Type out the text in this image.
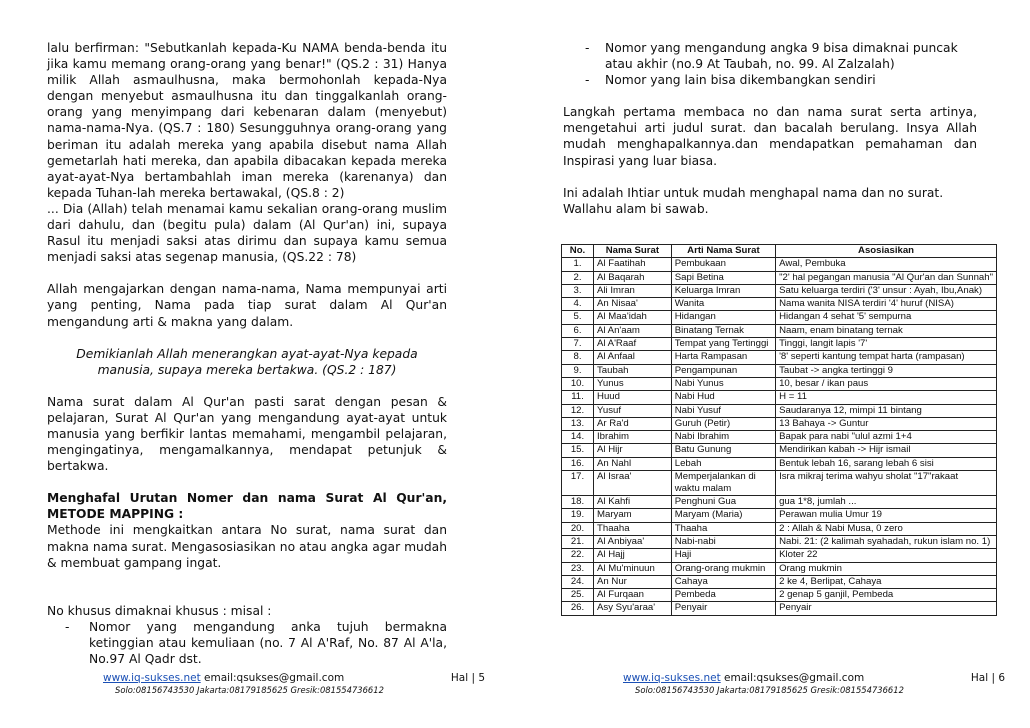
lalu berfirman: "Sebutkanlah kepada-Ku NAMA benda-benda itu jika kamu memang orang-orang yang benar!" (QS.2 : 31) Hanya milik Allah asmaulhusna, maka bermohonlah kepada-Nya dengan menyebut asmaulhusna itu dan tinggalkanlah orang-orang yang menyimpang dari kebenaran dalam (menyebut) nama-nama-Nya. (QS.7 : 180) Sesungguhnya orang-orang yang beriman itu adalah mereka yang apabila disebut nama Allah gemetarlah hati mereka, dan apabila dibacakan kepada mereka ayat-ayat-Nya bertambahlah iman mereka (karenanya) dan kepada Tuhan-lah mereka bertawakal, (QS.8 : 2)

... Dia (Allah) telah menamai kamu sekalian orang-orang muslim dari dahulu, dan (begitu pula) dalam (Al Qur'an) ini, supaya Rasul itu menjadi saksi atas dirimu dan supaya kamu semua menjadi saksi atas segenap manusia, (QS.22 : 78)

Allah mengajarkan dengan nama-nama, Nama mempunyai arti yang penting, Nama pada tiap surat dalam Al Qur'an mengandung arti & makna yang dalam.

Demikianlah Allah menerangkan ayat-ayat-Nya kepada manusia, supaya mereka bertakwa. (QS.2 : 187)

Nama surat dalam Al Qur'an pasti sarat dengan pesan & pelajaran, Surat Al Qur'an yang mengandung ayat-ayat untuk manusia yang berfikir lantas memahami, mengambil pelajaran, mengingatinya, mengamalkannya, mendapat petunjuk & bertakwa.

Menghafal Urutan Nomer dan nama Surat Al Qur'an, METODE MAPPING :

Methode ini mengkaitkan antara No surat, nama surat dan makna nama surat. Mengasosiasikan no atau angka agar mudah & membuat gampang ingat.

No khusus dimaknai khusus : misal :

- Nomor yang mengandung anka tujuh bermakna ketinggian atau kemuliaan (no. 7 Al A'Raf, No. 87 Al A'la, No.97 Al Qadr dst.
www.iq-sukses.net email:qsukses@gmail.com	Hal | 5
Solo:08156743530 Jakarta:08179185625 Gresik:081554736612
- Nomor yang mengandung angka 9 bisa dimaknai puncak atau akhir (no.9 At Taubah, no. 99. Al Zalzalah)
- Nomor yang lain bisa dikembangkan sendiri

Langkah pertama membaca no dan nama surat serta artinya, mengetahui arti judul surat. dan bacalah berulang. Insya Allah mudah menghapalkannya.dan mendapatkan pemahaman dan Inspirasi yang luar biasa.

Ini adalah Ihtiar untuk mudah menghapal nama dan no surat.

Wallahu alam bi sawab.

No.	Nama Surat	Arti Nama Surat	Asosiasikan
1.	Al Faatihah	Pembukaan	Awal, Pembuka
2.	Al Baqarah	Sapi Betina	"2' hal pegangan manusia "Al Qur'an dan Sunnah"
3.	Ali Imran	Keluarga Imran	Satu keluarga terdiri ('3' unsur : Ayah, Ibu,Anak)
4.	An Nisaa'	Wanita	Nama wanita NISA terdiri '4' huruf (NISA)
5.	Al Maa'idah	Hidangan	Hidangan 4 sehat '5' sempurna
6.	Al An'aam	Binatang Ternak	Naam, enam binatang ternak
7.	Al A'Raaf	Tempat yang Tertinggi	Tinggi, langit lapis '7'
8.	Al Anfaal	Harta Rampasan	'8' seperti kantung tempat harta (rampasan)
9.	Taubah	Pengampunan	Taubat -> angka tertinggi 9
10.	Yunus	Nabi Yunus	10, besar / ikan paus
11.	Huud	Nabi Hud	H = 11
12.	Yusuf	Nabi Yusuf	Saudaranya 12, mimpi 11 bintang
13.	Ar Ra'd	Guruh (Petir)	13 Bahaya -> Guntur
14.	Ibrahim	Nabi Ibrahim	Bapak para nabi "ulul azmi 1+4
15.	Al Hijr	Batu Gunung	Mendirikan kabah -> Hijr ismail
16.	An Nahl	Lebah	Bentuk lebah 16, sarang lebah 6 sisi
17.	Al Israa'	Memperjalankan di waktu malam	Isra mikraj terima wahyu sholat "17"rakaat
18.	Al Kahfi	Penghuni Gua	gua 1*8, jumlah ...
19.	Maryam	Maryam (Maria)	Perawan mulia Umur 19
20.	Thaaha	Thaaha	2 : Allah & Nabi Musa, 0 zero
21.	Al Anbiyaa'	Nabi-nabi	Nabi. 21: (2 kalimah syahadah, rukun islam no. 1)
22.	Al Hajj	Haji	Kloter 22
23.	Al Mu'minuun	Orang-orang mukmin	Orang mukmin
24.	An Nur	Cahaya	2 ke 4, Berlipat, Cahaya
25.	Al Furqaan	Pembeda	2 genap 5 ganjil, Pembeda
26.	Asy Syu'araa'	Penyair	Penyair
www.iq-sukses.net email:qsukses@gmail.com	Hal | 6
Solo:08156743530 Jakarta:08179185625 Gresik:081554736612
